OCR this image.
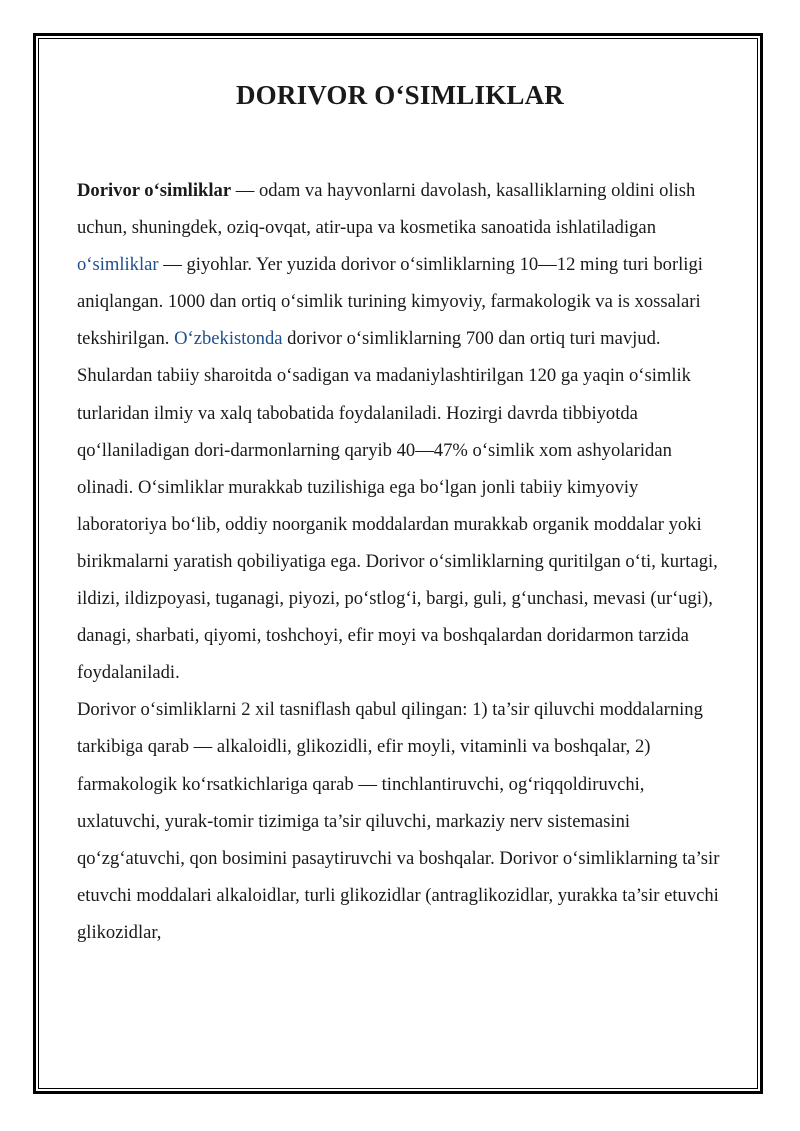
DORIVOR O‘SIMLIKLAR

Dorivor o‘simliklar — odam va hayvonlarni davolash, kasalliklarning oldini olish uchun, shuningdek, oziq-ovqat, atir-upa va kosmetika sanoatida ishlatiladigan o‘simliklar — giyohlar. Yer yuzida dorivor o‘simliklarning 10—12 ming turi borligi aniqlangan. 1000 dan ortiq o‘simlik turining kimyoviy, farmakologik va is xossalari tekshirilgan. O‘zbekistonda dorivor o‘simliklarning 700 dan ortiq turi mavjud. Shulardan tabiiy sharoitda o‘sadigan va madaniylashtirilgan 120 ga yaqin o‘simlik turlaridan ilmiy va xalq tabobatida foydalaniladi. Hozirgi davrda tibbiyotda qo‘llaniladigan dori-darmonlarning qaryib 40—47% o‘simlik xom ashyolaridan olinadi. O‘simliklar murakkab tuzilishiga ega bo‘lgan jonli tabiiy kimyoviy laboratoriya bo‘lib, oddiy noorganik moddalardan murakkab organik moddalar yoki birikmalarni yaratish qobiliyatiga ega. Dorivor o‘simliklarning quritilgan o‘ti, kurtagi, ildizi, ildizpoyasi, tuganagi, piyozi, po‘stlog‘i, bargi, guli, g‘unchasi, mevasi (ur‘ugi), danagi, sharbati, qiyomi, toshchoyi, efir moyi va boshqalardan doridarmon tarzida foydalaniladi.

Dorivor o‘simliklarni 2 xil tasniflash qabul qilingan: 1) ta’sir qiluvchi moddalarning tarkibiga qarab — alkaloidli, glikozidli, efir moyli, vitaminli va boshqalar, 2) farmakologik ko‘rsatkichlariga qarab — tinchlantiruvchi, og‘riqqoldiruvchi, uxlatuvchi, yurak-tomir tizimiga ta’sir qiluvchi, markaziy nerv sistemasini qo‘zg‘atuvchi, qon bosimini pasaytiruvchi va boshqalar. Dorivor o‘simliklarning ta’sir etuvchi moddalari alkaloidlar, turli glikozidlar (antraglikozidlar, yurakka ta’sir etuvchi glikozidlar,
